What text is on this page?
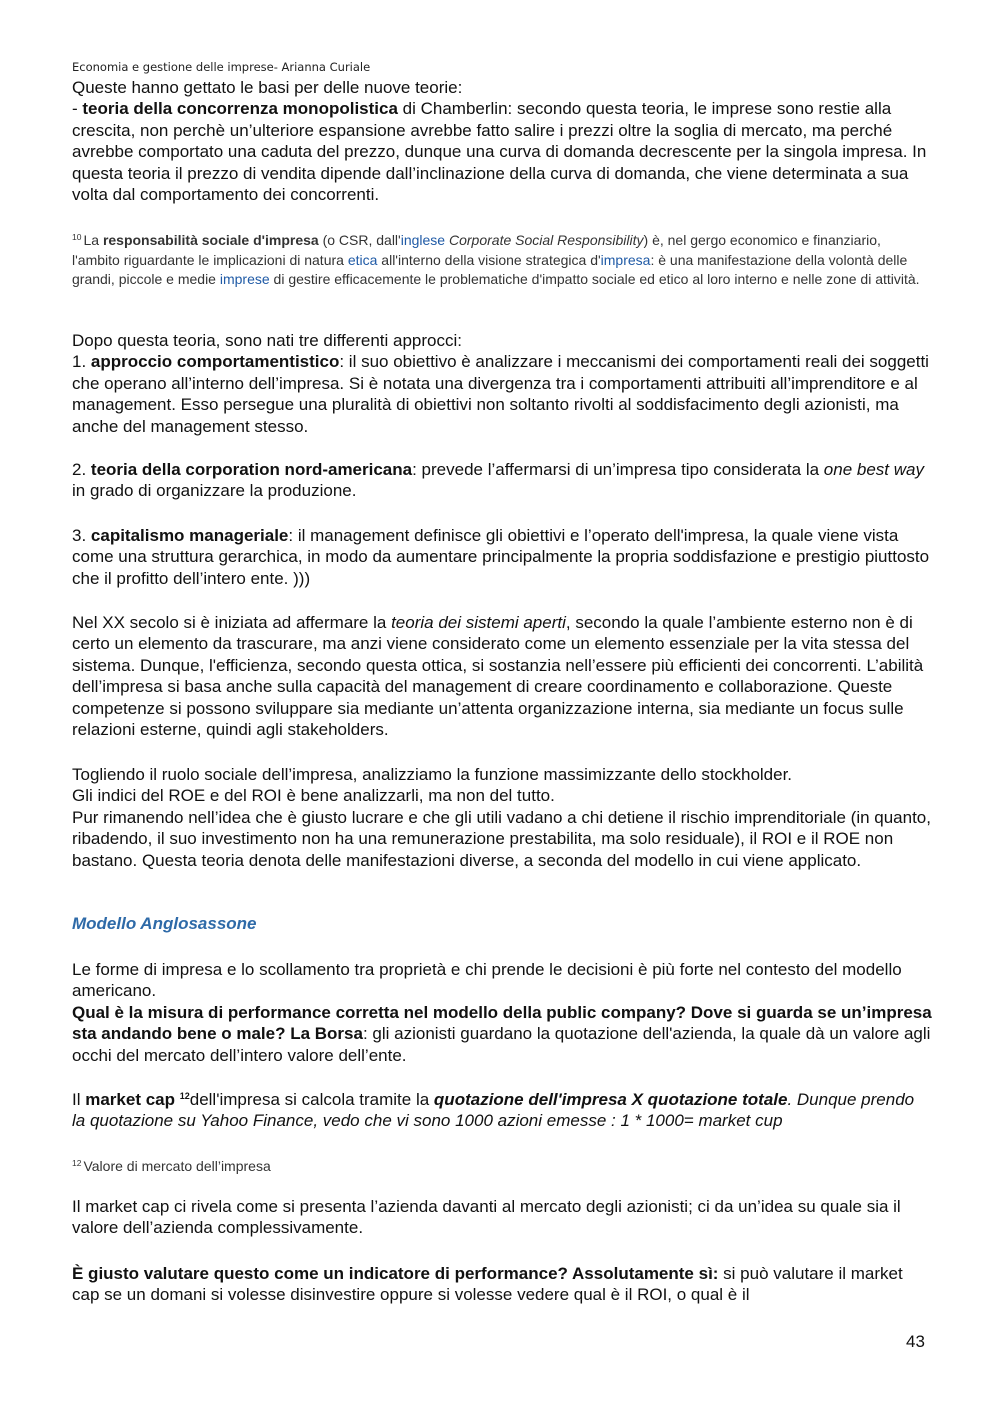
Economia e gestione delle imprese- Arianna Curiale

Queste hanno gettato le basi per delle nuove teorie:

- teoria della concorrenza monopolistica di Chamberlin: secondo questa teoria, le imprese sono restie alla crescita, non perchè un’ulteriore espansione avrebbe fatto salire i prezzi oltre la soglia di mercato, ma perché avrebbe comportato una caduta del prezzo, dunque una curva di domanda decrescente per la singola impresa. In questa teoria il prezzo di vendita dipende dall’inclinazione della curva di domanda, che viene determinata a sua volta dal comportamento dei concorrenti.

$^{10}$ La responsabilità sociale d'impresa (o CSR, dall'inglese Corporate Social Responsibility) è, nel gergo economico e finanziario, l'ambito riguardante le implicazioni di natura etica all'interno della visione strategica d'impresa: è una manifestazione della volontà delle grandi, piccole e medie imprese di gestire efficacemente le problematiche d'impatto sociale ed etico al loro interno e nelle zone di attività.

Dopo questa teoria, sono nati tre differenti approcci:

1. approccio comportamentistico: il suo obiettivo è analizzare i meccanismi dei comportamenti reali dei soggetti che operano all’interno dell’impresa. Si è notata una divergenza tra i comportamenti attribuiti all’imprenditore e al management. Esso persegue una pluralità di obiettivi non soltanto rivolti al soddisfacimento degli azionisti, ma anche del management stesso.

2. teoria della corporation nord-americana: prevede l’affermarsi di un’impresa tipo considerata la one best way in grado di organizzare la produzione.
3. capitalismo manageriale: il management definisce gli obiettivi e l’operato dell'impresa, la quale viene vista come una struttura gerarchica, in modo da aumentare principalmente la propria soddisfazione e prestigio piuttosto che il profitto dell’intero ente. )))
Nel XX secolo si è iniziata ad affermare la teoria dei sistemi aperti, secondo la quale l’ambiente esterno non è di certo un elemento da trascurare, ma anzi viene considerato come un elemento essenziale per la vita stessa del sistema. Dunque, l'efficienza, secondo questa ottica, si sostanzia nell’essere più efficienti dei concorrenti. L’abilità dell’impresa si basa anche sulla capacità del management di creare coordinamento e collaborazione. Queste competenze si possono sviluppare sia mediante un’attenta organizzazione interna, sia mediante un focus sulle relazioni esterne, quindi agli stakeholders.

Togliendo il ruolo sociale dell’impresa, analizziamo la funzione massimizzante dello stockholder.

Gli indici del ROE e del ROI è bene analizzarli, ma non del tutto.

Pur rimanendo nell’idea che è giusto lucrare e che gli utili vadano a chi detiene il rischio imprenditoriale (in quanto, ribadendo, il suo investimento non ha una remunerazione prestabilita, ma solo residuale), il ROI e il ROE non bastano. Questa teoria denota delle manifestazioni diverse, a seconda del modello in cui viene applicato.

Modello Anglosassone

Le forme di impresa e lo scollamento tra proprietà e chi prende le decisioni è più forte nel contesto del modello americano.

Qual è la misura di performance corretta nel modello della public company? Dove si guarda se un’impresa sta andando bene o male? La Borsa: gli azionisti guardano la quotazione dell'azienda, la quale dà un valore agli occhi del mercato dell’intero valore dell’ente.

Il market cap $^{12}$dell'impresa si calcola tramite la quotazione dell'impresa X quotazione totale. Dunque prendo la quotazione su Yahoo Finance, vedo che vi sono 1000 azioni emesse : 1 * 1000= market cup
$^{12}$ Valore di mercato dell’impresa
Il market cap ci rivela come si presenta l’azienda davanti al mercato degli azionisti; ci da un’idea su quale sia il valore dell’azienda complessivamente.
È giusto valutare questo come un indicatore di performance? Assolutamente sì: si può valutare il market cap se un domani si volesse disinvestire oppure si volesse vedere qual è il ROI, o qual è il
43
